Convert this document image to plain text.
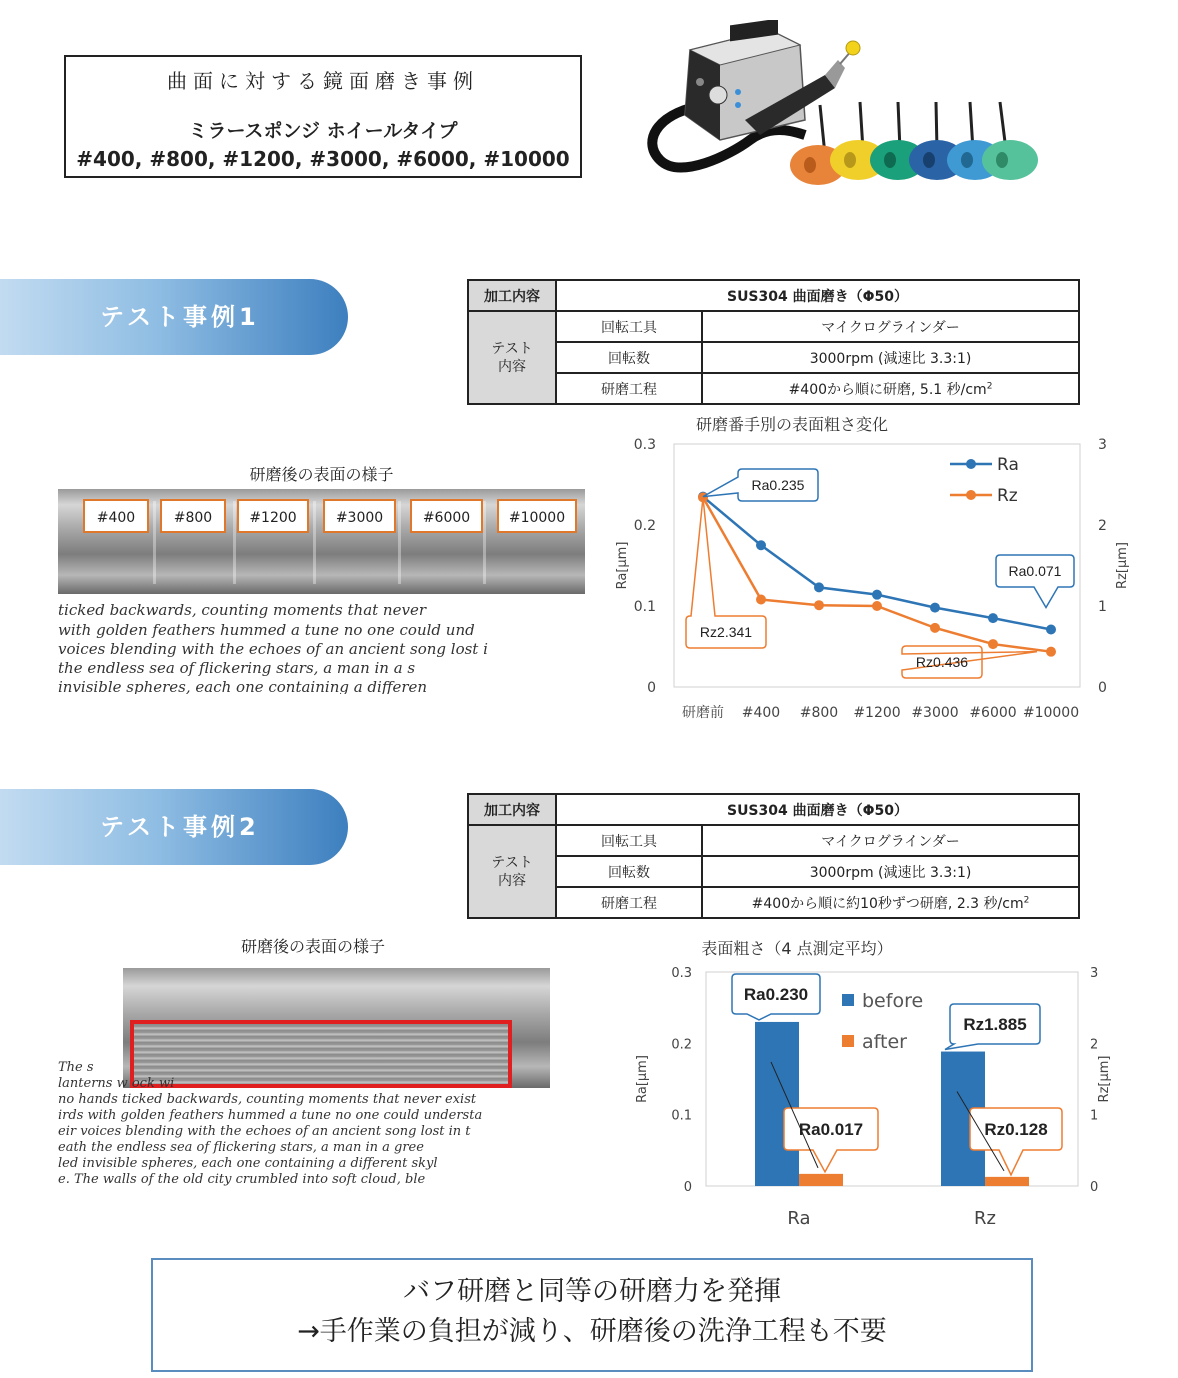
曲面に対する鏡面磨き事例
ミラースポンジ ホイールタイプ
#400, #800, #1200, #3000, #6000, #10000
テスト事例1
加工内容	SUS304 曲面磨き（Φ50）	
テスト
内容	回転工具	マイクログラインダー
	回転数	3000rpm (減速比 3.3:1)
	研磨工程	#400から順に研磨, 5.1 秒$/cm^2$
研磨後の表面の様子
#400	#800	#1200	#3000	#6000	#10000
ticked backwards, counting moments that never
with golden feathers hummed a tune no one could und
voices blending with the echoes of an ancient song lost i
the endless sea of flickering stars, a man in a s
invisible spheres, each one containing a differen
研磨番手別の表面粗さ変化
0
0.1
0.2
0.3
0
1
2
3
研磨前 #400 #800 #1200 #3000 #6000 #10000
Ra[μm]	Rz[μm]
Ra
Rz
Ra0.235
Ra0.071
Rz2.341
Rz0.436
テスト事例2
加工内容	SUS304 曲面磨き（Φ50）	
テスト
内容	回転工具	マイクログラインダー
	回転数	3000rpm (減速比 3.3:1)
	研磨工程	#400から順に約10秒ずつ研磨, 2.3 秒$/cm^2$
研磨後の表面の様子
The s
lanterns w ock wi
no hands ticked backwards, counting moments that never exist
irds with golden feathers hummed a tune no one could understa
eir voices blending with the echoes of an ancient song lost in t
eath the endless sea of flickering stars, a man in a gree
led invisible spheres, each one containing a different skyl
e. The walls of the old city crumbled into soft cloud, ble
表面粗さ（4 点測定平均）
0
0.1
0.2
0.3
0
1
2
3
Ra[μm]	Rz[μm]
Ra	Rz
before
after
Ra0.230
Ra0.017
Rz1.885
Rz0.128
バフ研磨と同等の研磨力を発揮
→手作業の負担が減り、研磨後の洗浄工程も不要
